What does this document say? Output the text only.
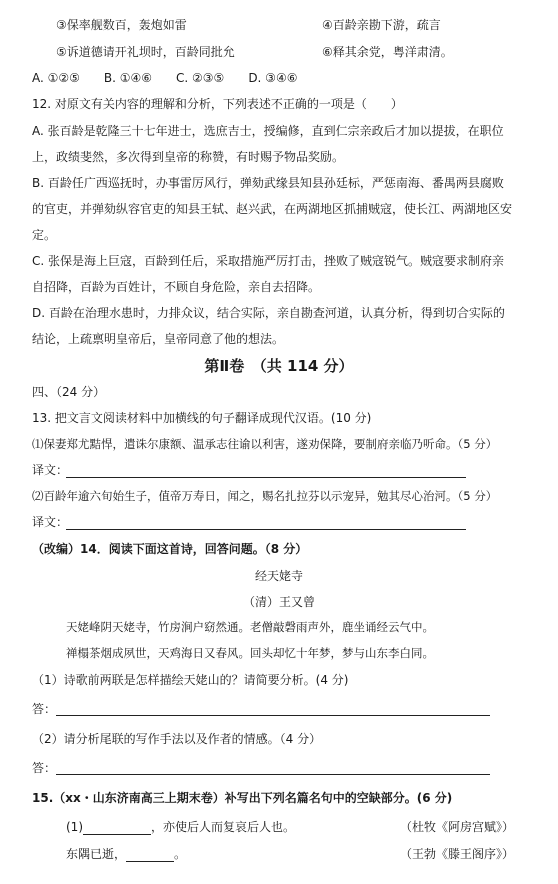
③保率舰数百，轰炮如雷	④百龄亲勘下游，疏言
⑤诉道德请开礼坝时，百龄同批允	⑥释其余党，粤洋肃清。
A. ①②⑤　　B. ①④⑥　　C. ②③⑤　　D. ③④⑥
12. 对原文有关内容的理解和分析，下列表述不正确的一项是（　　）
A. 张百龄是乾隆三十七年进士，选庶吉士，授编修，直到仁宗亲政后才加以提拔，在职位
上，政绩斐然，多次得到皇帝的称赞，有时赐予物品奖励。
B. 百龄任广西巡抚时，办事雷厉风行，弹劾武缘县知县孙廷标，严惩南海、番禺两县腐败
的官吏，并弹劾纵容官吏的知县王轼、赵兴武，在两湖地区抓捕贼寇，使长江、两湖地区安
定。
C. 张保是海上巨寇，百龄到任后，采取措施严厉打击，挫败了贼寇锐气。贼寇要求制府亲
自招降，百龄为百姓计，不顾自身危险，亲自去招降。
D. 百龄在治理水患时，力排众议，结合实际，亲自勘查河道，认真分析，得到切合实际的
结论，上疏禀明皇帝后，皇帝同意了他的想法。
第Ⅱ卷　（共 114 分）
四、（24 分）
13. 把文言文阅读材料中加横线的句子翻译成现代汉语。(10 分)
⑴保妻郑尤黠悍，遣诛尔康额、温承志往谕以利害，遂劝保降，要制府亲临乃听命。（5 分）
译文：
⑵百龄年逾六旬始生子，值帝万寿日，闻之，赐名扎拉芬以示宠异，勉其尽心治河。（5 分）
译文：
（改编）14．阅读下面这首诗，回答问题。（8 分）
经天姥寺
（清）王又曾
天姥峰阴天姥寺，竹房涧户窈然通。老僧敲磬雨声外，鹿坐诵经云气中。
禅榻茶烟成夙世，天鸡海日又春风。回头却忆十年梦，梦与山东李白同。
（1）诗歌前两联是怎样描绘天姥山的？请简要分析。(4 分)
答：
（2）请分析尾联的写作手法以及作者的情感。（4 分）
答：
15.（xx・山东济南高三上期末卷）补写出下列名篇名句中的空缺部分。(6 分)
(1)	，亦使后人而复哀后人也。	（杜牧《阿房宫赋》）
东隅已逝，	。	（王勃《滕王阁序》）
